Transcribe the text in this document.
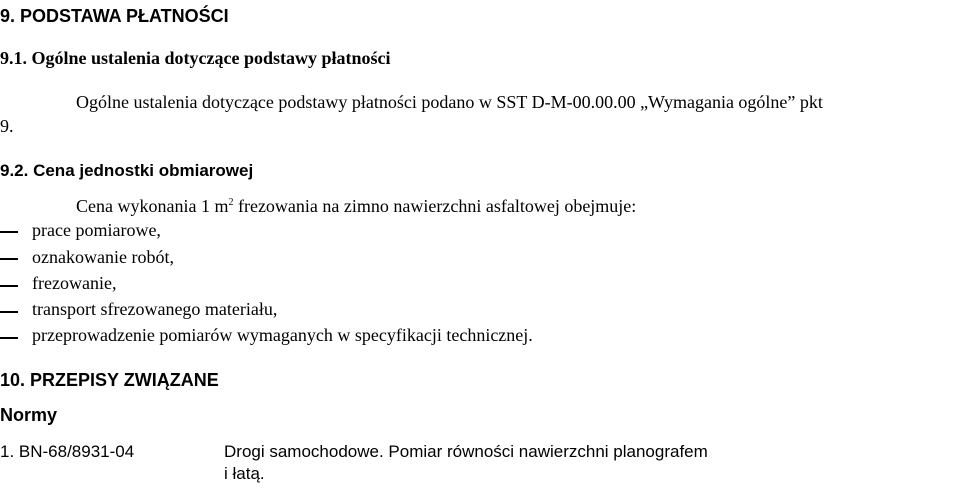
9. PODSTAWA PŁATNOŚCI
9.1. Ogólne ustalenia dotyczące podstawy płatności
Ogólne ustalenia dotyczące podstawy płatności podano w SST D-M-00.00.00 „Wymagania ogólne” pkt
9.
9.2. Cena jednostki obmiarowej
Cena wykonania 1 $m^2$ frezowania na zimno nawierzchni asfaltowej obejmuje:
prace pomiarowe,
oznakowanie robót,
frezowanie,
transport sfrezowanego materiału,
przeprowadzenie pomiarów wymaganych w specyfikacji technicznej.
10. PRZEPISY ZWIĄZANE
Normy
1. BN-68/8931-04	Drogi samochodowe. Pomiar równości nawierzchni planografem
i łatą.
